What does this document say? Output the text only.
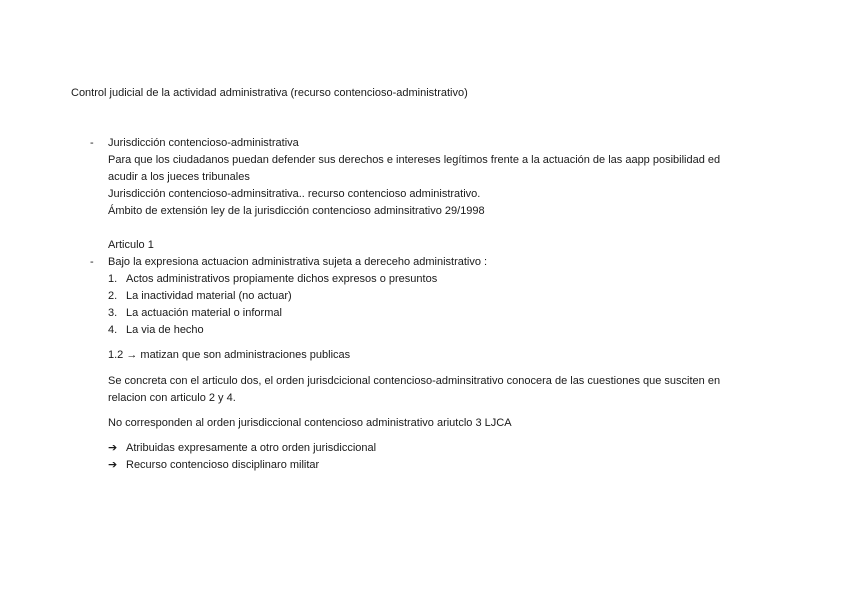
Control judicial de la actividad administrativa (recurso contencioso-administrativo)
- Jurisdicción contencioso-administrativa
Para que los ciudadanos puedan defender sus derechos e intereses legítimos frente a la actuación de las aapp posibilidad ed
acudir a los jueces tribunales
Jurisdicción contencioso-adminsitrativa.. recurso contencioso administrativo.
Ámbito de extensión ley de la jurisdicción contencioso adminsitrativo 29/1998
Articulo 1
- Bajo la expresiona actuacion administrativa sujeta a dereceho administrativo :
1. Actos administrativos propiamente dichos expresos o presuntos
2. La inactividad material (no actuar)
3. La actuación material o informal
4. La via de hecho
1.2 → matizan que son administraciones publicas
Se concreta con el articulo dos, el orden jurisdcicional contencioso-adminsitrativo conocera de las cuestiones que susciten en
relacion con articulo 2 y 4.
No corresponden al orden jurisdiccional contencioso administrativo ariutclo 3 LJCA
➔ Atribuidas expresamente a otro orden jurisdiccional
➔ Recurso contencioso disciplinaro militar
